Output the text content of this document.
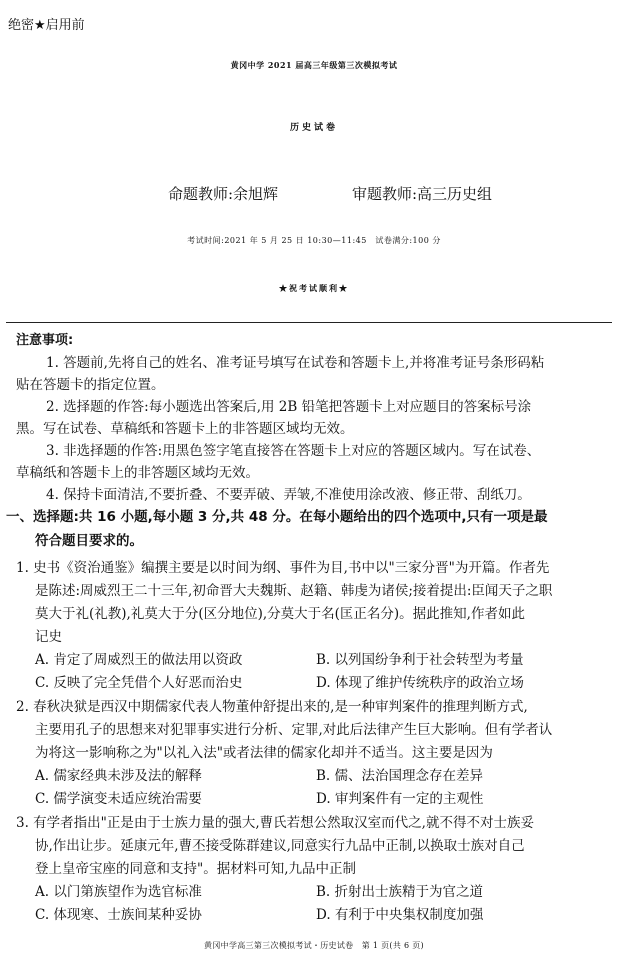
绝密★启用前
黄冈中学 2021 届高三年级第三次模拟考试
历史试卷
命题教师:余旭辉	审题教师:高三历史组
考试时间:2021 年 5 月 25 日 10:30—11:45　试卷满分:100 分
★祝考试顺利★
注意事项:
1. 答题前,先将自己的姓名、准考证号填写在试卷和答题卡上,并将准考证号条形码粘
贴在答题卡的指定位置。
2. 选择题的作答:每小题选出答案后,用 2B 铅笔把答题卡上对应题目的答案标号涂
黑。写在试卷、草稿纸和答题卡上的非答题区域均无效。
3. 非选择题的作答:用黑色签字笔直接答在答题卡上对应的答题区域内。写在试卷、
草稿纸和答题卡上的非答题区域均无效。
4. 保持卡面清洁,不要折叠、不要弄破、弄皱,不准使用涂改液、修正带、刮纸刀。
一、选择题:共 16 小题,每小题 3 分,共 48 分。在每小题给出的四个选项中,只有一项是最
符合题目要求的。
1. 史书《资治通鉴》编撰主要是以时间为纲、事件为目,书中以"三家分晋"为开篇。作者先
是陈述:周威烈王二十三年,初命晋大夫魏斯、赵籍、韩虔为诸侯;接着提出:臣闻天子之职
莫大于礼(礼教),礼莫大于分(区分地位),分莫大于名(匡正名分)。据此推知,作者如此
记史
A. 肯定了周威烈王的做法用以资政	B. 以列国纷争利于社会转型为考量
C. 反映了完全凭借个人好恶而治史	D. 体现了维护传统秩序的政治立场
2. 春秋决狱是西汉中期儒家代表人物董仲舒提出来的,是一种审判案件的推理判断方式,
主要用孔子的思想来对犯罪事实进行分析、定罪,对此后法律产生巨大影响。但有学者认
为将这一影响称之为"以礼入法"或者法律的儒家化却并不适当。这主要是因为
A. 儒家经典未涉及法的解释	B. 儒、法治国理念存在差异
C. 儒学演变未适应统治需要	D. 审判案件有一定的主观性
3. 有学者指出"正是由于士族力量的强大,曹氏若想公然取汉室而代之,就不得不对士族妥
协,作出让步。延康元年,曹丕接受陈群建议,同意实行九品中正制,以换取士族对自己
登上皇帝宝座的同意和支持"。据材料可知,九品中正制
A. 以门第族望作为选官标准	B. 折射出士族精于为官之道
C. 体现寒、士族间某种妥协	D. 有利于中央集权制度加强
黄冈中学高三第三次模拟考试・历史试卷　第 1 页(共 6 页)
